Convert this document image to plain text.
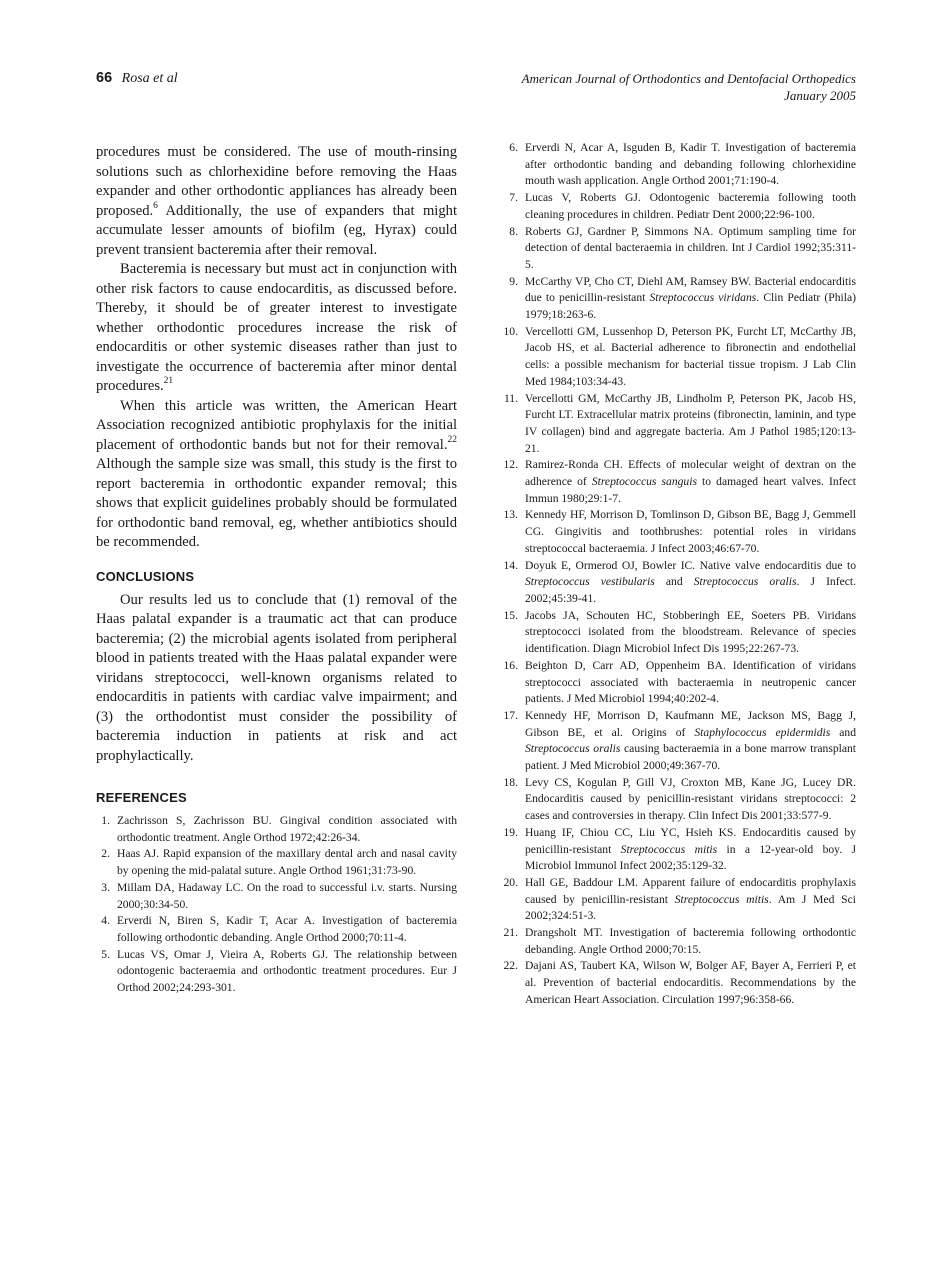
66 Rosa et al	American Journal of Orthodontics and Dentofacial Orthopedics
January 2005

procedures must be considered. The use of mouth-rinsing solutions such as chlorhexidine before removing the Haas expander and other orthodontic appliances has already been proposed.$^6$ Additionally, the use of expanders that might accumulate lesser amounts of biofilm (eg, Hyrax) could prevent transient bacteremia after their removal.

Bacteremia is necessary but must act in conjunction with other risk factors to cause endocarditis, as discussed before. Thereby, it should be of greater interest to investigate whether orthodontic procedures increase the risk of endocarditis or other systemic diseases rather than just to investigate the occurrence of bacteremia after minor dental procedures.$^{21}$

When this article was written, the American Heart Association recognized antibiotic prophylaxis for the initial placement of orthodontic bands but not for their removal.$^{22}$ Although the sample size was small, this study is the first to report bacteremia in orthodontic expander removal; this shows that explicit guidelines probably should be formulated for orthodontic band removal, eg, whether antibiotics should be recommended.

CONCLUSIONS

Our results led us to conclude that (1) removal of the Haas palatal expander is a traumatic act that can produce bacteremia; (2) the microbial agents isolated from peripheral blood in patients treated with the Haas palatal expander were viridans streptococci, well-known organisms related to endocarditis in patients with cardiac valve impairment; and (3) the orthodontist must consider the possibility of bacteremia induction in patients at risk and act prophylactically.

REFERENCES
1. Zachrisson S, Zachrisson BU. Gingival condition associated with orthodontic treatment. Angle Orthod 1972;42:26-34.
2. Haas AJ. Rapid expansion of the maxillary dental arch and nasal cavity by opening the mid-palatal suture. Angle Orthod 1961;31:73-90.
3. Millam DA, Hadaway LC. On the road to successful i.v. starts. Nursing 2000;30:34-50.
4. Erverdi N, Biren S, Kadir T, Acar A. Investigation of bacteremia following orthodontic debanding. Angle Orthod 2000;70:11-4.
5. Lucas VS, Omar J, Vieira A, Roberts GJ. The relationship between odontogenic bacteraemia and orthodontic treatment procedures. Eur J Orthod 2002;24:293-301.
6. Erverdi N, Acar A, Isguden B, Kadir T. Investigation of bacteremia after orthodontic banding and debanding following chlorhexidine mouth wash application. Angle Orthod 2001;71:190-4.
7. Lucas V, Roberts GJ. Odontogenic bacteremia following tooth cleaning procedures in children. Pediatr Dent 2000;22:96-100.
8. Roberts GJ, Gardner P, Simmons NA. Optimum sampling time for detection of dental bacteraemia in children. Int J Cardiol 1992;35:311-5.
9. McCarthy VP, Cho CT, Diehl AM, Ramsey BW. Bacterial endocarditis due to penicillin-resistant Streptococcus viridans. Clin Pediatr (Phila) 1979;18:263-6.
10. Vercellotti GM, Lussenhop D, Peterson PK, Furcht LT, McCarthy JB, Jacob HS, et al. Bacterial adherence to fibronectin and endothelial cells: a possible mechanism for bacterial tissue tropism. J Lab Clin Med 1984;103:34-43.
11. Vercellotti GM, McCarthy JB, Lindholm P, Peterson PK, Jacob HS, Furcht LT. Extracellular matrix proteins (fibronectin, laminin, and type IV collagen) bind and aggregate bacteria. Am J Pathol 1985;120:13-21.
12. Ramirez-Ronda CH. Effects of molecular weight of dextran on the adherence of Streptococcus sanguis to damaged heart valves. Infect Immun 1980;29:1-7.
13. Kennedy HF, Morrison D, Tomlinson D, Gibson BE, Bagg J, Gemmell CG. Gingivitis and toothbrushes: potential roles in viridans streptococcal bacteraemia. J Infect 2003;46:67-70.
14. Doyuk E, Ormerod OJ, Bowler IC. Native valve endocarditis due to Streptococcus vestibularis and Streptococcus oralis. J Infect. 2002;45:39-41.
15. Jacobs JA, Schouten HC, Stobberingh EE, Soeters PB. Viridans streptococci isolated from the bloodstream. Relevance of species identification. Diagn Microbiol Infect Dis 1995;22:267-73.
16. Beighton D, Carr AD, Oppenheim BA. Identification of viridans streptococci associated with bacteraemia in neutropenic cancer patients. J Med Microbiol 1994;40:202-4.
17. Kennedy HF, Morrison D, Kaufmann ME, Jackson MS, Bagg J, Gibson BE, et al. Origins of Staphylococcus epidermidis and Streptococcus oralis causing bacteraemia in a bone marrow transplant patient. J Med Microbiol 2000;49:367-70.
18. Levy CS, Kogulan P, Gill VJ, Croxton MB, Kane JG, Lucey DR. Endocarditis caused by penicillin-resistant viridans streptococci: 2 cases and controversies in therapy. Clin Infect Dis 2001;33:577-9.
19. Huang IF, Chiou CC, Liu YC, Hsieh KS. Endocarditis caused by penicillin-resistant Streptococcus mitis in a 12-year-old boy. J Microbiol Immunol Infect 2002;35:129-32.
20. Hall GE, Baddour LM. Apparent failure of endocarditis prophylaxis caused by penicillin-resistant Streptococcus mitis. Am J Med Sci 2002;324:51-3.
21. Drangsholt MT. Investigation of bacteremia following orthodontic debanding. Angle Orthod 2000;70:15.
22. Dajani AS, Taubert KA, Wilson W, Bolger AF, Bayer A, Ferrieri P, et al. Prevention of bacterial endocarditis. Recommendations by the American Heart Association. Circulation 1997;96:358-66.
